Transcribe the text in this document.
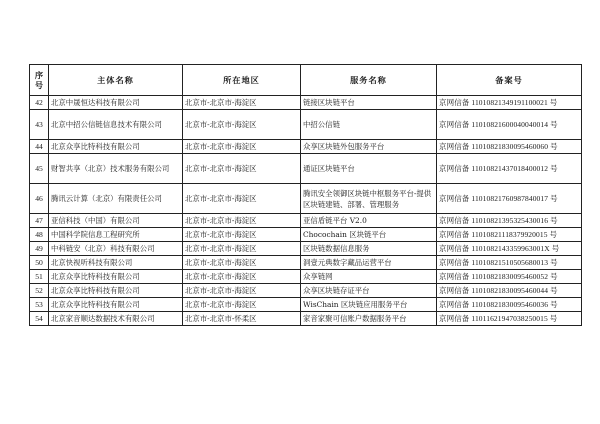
序号	主体名称	所在地区	服务名称	备案号
42	北京中晟恒达科技有限公司	北京市-北京市-海淀区	链接区块链平台	京网信备 11010821349191100021 号
43	北京中招公信链信息技术有限公司	北京市-北京市-海淀区	中招公信链	京网信备 11010821600040040014 号
44	北京众享比特科技有限公司	北京市-北京市-海淀区	众享区块链外包服务平台	京网信备 11010821830095460060 号
45	财智共享（北京）技术服务有限公司	北京市-北京市-海淀区	通证区块链平台	京网信备 11010821437018400012 号
46	腾讯云计算（北京）有限责任公司	北京市-北京市-海淀区	腾讯安全领御区块链中枢服务平台-提供区块链建链、部署、管理服务	京网信备 11010821760987840017 号
47	亚信科技（中国）有限公司	北京市-北京市-海淀区	亚信盾链平台 V2.0	京网信备 11010821395325430016 号
48	中国科学院信息工程研究所	北京市-北京市-海淀区	Chocochain 区块链平台	京网信备 11010821118379920015 号
49	中科链安（北京）科技有限公司	北京市-北京市-海淀区	区块链数据信息服务	京网信备 1101082143359963001X 号
50	北京快视听科技有限公司	北京市-北京市-海淀区	洞壹元典数字藏品运营平台	京网信备 11010821510505680013 号
51	北京众享比特科技有限公司	北京市-北京市-海淀区	众享链网	京网信备 11010821830095460052 号
52	北京众享比特科技有限公司	北京市-北京市-海淀区	众享区块链存证平台	京网信备 11010821830095460044 号
53	北京众享比特科技有限公司	北京市-北京市-海淀区	WisChain 区块链应用服务平台	京网信备 11010821830095460036 号
54	北京家音顺达数据技术有限公司	北京市-北京市-怀柔区	家音家聚可信账户数据服务平台	京网信备 11011621947038250015 号
